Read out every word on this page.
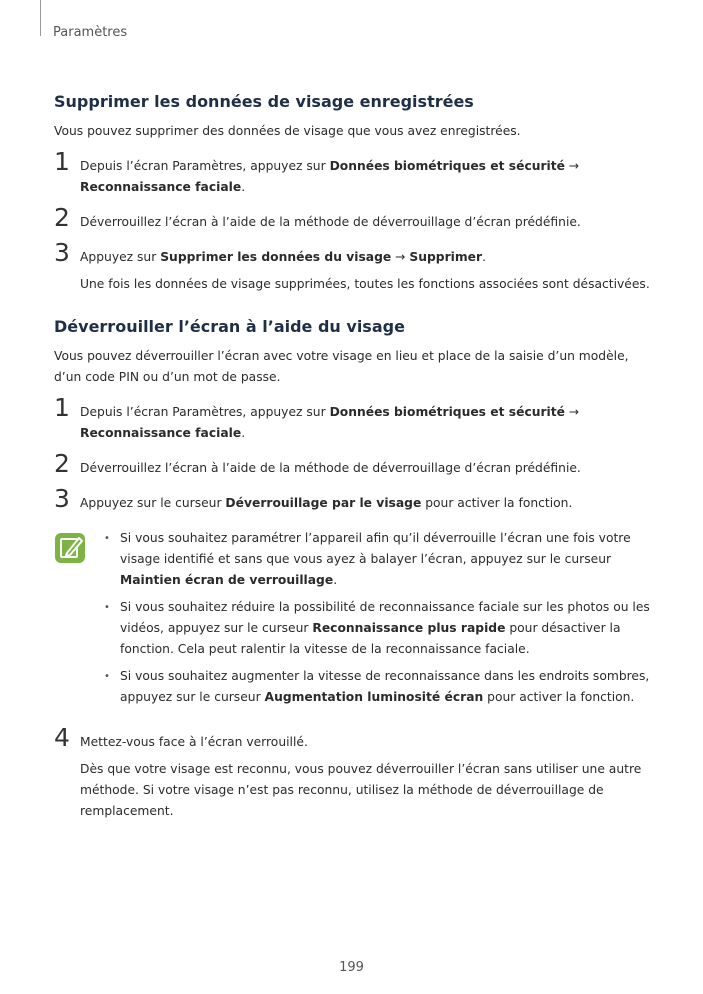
Paramètres
Supprimer les données de visage enregistrées

Vous pouvez supprimer des données de visage que vous avez enregistrées.

1 Depuis l’écran Paramètres, appuyez sur Données biométriques et sécurité → Reconnaissance faciale.
2 Déverrouillez l’écran à l’aide de la méthode de déverrouillage d’écran prédéfinie.
3 Appuyez sur Supprimer les données du visage → Supprimer.
Une fois les données de visage supprimées, toutes les fonctions associées sont désactivées.
Déverrouiller l’écran à l’aide du visage

Vous pouvez déverrouiller l’écran avec votre visage en lieu et place de la saisie d’un modèle, d’un code PIN ou d’un mot de passe.

1 Depuis l’écran Paramètres, appuyez sur Données biométriques et sécurité → Reconnaissance faciale.
2 Déverrouillez l’écran à l’aide de la méthode de déverrouillage d’écran prédéfinie.
3 Appuyez sur le curseur Déverrouillage par le visage pour activer la fonction.
• Si vous souhaitez paramétrer l’appareil afin qu’il déverrouille l’écran une fois votre visage identifié et sans que vous ayez à balayer l’écran, appuyez sur le curseur Maintien écran de verrouillage.
• Si vous souhaitez réduire la possibilité de reconnaissance faciale sur les photos ou les vidéos, appuyez sur le curseur Reconnaissance plus rapide pour désactiver la fonction. Cela peut ralentir la vitesse de la reconnaissance faciale.
• Si vous souhaitez augmenter la vitesse de reconnaissance dans les endroits sombres, appuyez sur le curseur Augmentation luminosité écran pour activer la fonction.
4 Mettez-vous face à l’écran verrouillé.
Dès que votre visage est reconnu, vous pouvez déverrouiller l’écran sans utiliser une autre méthode. Si votre visage n’est pas reconnu, utilisez la méthode de déverrouillage de remplacement.
199
